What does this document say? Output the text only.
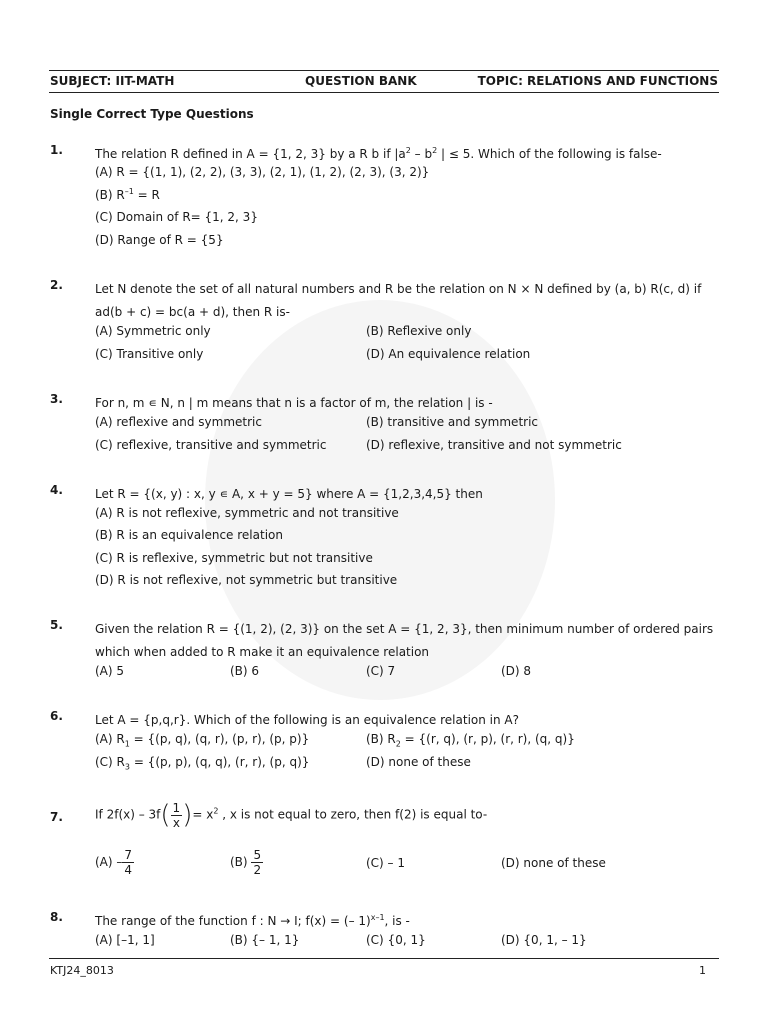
SUBJECT: IIT-MATH	QUESTION BANK	TOPIC: RELATIONS AND FUNCTIONS
Single Correct Type Questions
1.	The relation R defined in A = {1, 2, 3} by a R b if $|a^2 - b^2$ | ≤ 5. Which of the following is false-
(A) R = {(1, 1), (2, 2), (3, 3), (2, 1), (1, 2), (2, 3), (3, 2)}
(B) $R^{-1} = R$
(C) Domain of R= {1, 2, 3}
(D) Range of R = {5}
2.	Let N denote the set of all natural numbers and R be the relation on N × N defined by (a, b) R(c, d) if ad(b + c) = bc(a + d), then R is-
(A) Symmetric only	(B) Reflexive only
(C) Transitive only	(D) An equivalence relation
3.	For n, m ∊ N, n | m means that n is a factor of m, the relation | is -
(A) reflexive and symmetric	(B) transitive and symmetric
(C) reflexive, transitive and symmetric	(D) reflexive, transitive and not symmetric
4.	Let R = {(x, y) : x, y ∊ A, x + y = 5} where A = {1,2,3,4,5} then
(A) R is not reflexive, symmetric and not transitive
(B) R is an equivalence relation
(C) R is reflexive, symmetric but not transitive
(D) R is not reflexive, not symmetric but transitive
5.	Given the relation R = {(1, 2), (2, 3)} on the set A = {1, 2, 3}, then minimum number of ordered pairs which when added to R make it an equivalence relation
(A) 5	(B) 6	(C) 7	(D) 8
6.	Let A = {p,q,r}. Which of the following is an equivalence relation in A?
(A) $R_1 = \{(p$, q), (q, r), (p, r), (p, p)}	(B) $R_2 = \{(r$, q), (r, p), (r, r), (q, q)}
(C) $R_3 = \{(p$, p), (q, q), (r, r), (p, q)}	(D) none of these
7.	If $2f(x) - 3f( \frac{1}{x}$ )= $x^2$ , x is not equal to zero, then f(2) is equal to-
$(A) - \frac{7}{4}$	$(B) \frac{5}{2}$	(C) – 1	(D) none of these
8.	The range of the function f : N → I; f(x) = (– 1)$^{x-1}$, is -
(A) [–1, 1]	(B) {– 1, 1}	(C) {0, 1}	(D) {0, 1, – 1}
KTJ24_8013	1
